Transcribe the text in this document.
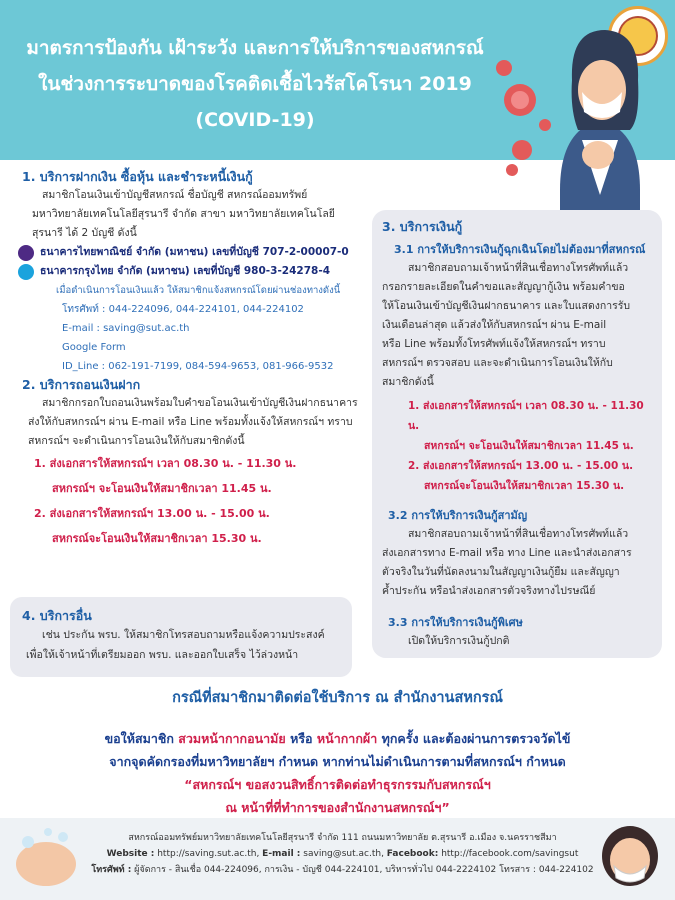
มาตรการป้องกัน เฝ้าระวัง และการให้บริการของสหกรณ์
ในช่วงการระบาดของโรคติดเชื้อไวรัสโคโรนา 2019
(COVID-19)
1. บริการฝากเงิน ซื้อหุ้น และชำระหนี้เงินกู้
สมาชิกโอนเงินเข้าบัญชีสหกรณ์ ชื่อบัญชี สหกรณ์ออมทรัพย์
มหาวิทยาลัยเทคโนโลยีสุรนารี จำกัด สาขา มหาวิทยาลัยเทคโนโลยี
สุรนารี ได้ 2 บัญชี ดังนี้
ธนาคารไทยพาณิชย์ จำกัด (มหาชน) เลขที่บัญชี 707-2-00007-0
ธนาคารกรุงไทย จำกัด (มหาชน) เลขที่บัญชี 980-3-24278-4
เมื่อดำเนินการโอนเงินแล้ว ให้สมาชิกแจ้งสหกรณ์โดยผ่านช่องทางดังนี้
โทรศัพท์ : 044-224096, 044-224101, 044-224102
E-mail : saving@sut.ac.th
Google Form
ID_Line : 062-191-7199, 084-594-9653, 081-966-9532
2. บริการถอนเงินฝาก
สมาชิกกรอกใบถอนเงินพร้อมใบคำขอโอนเงินเข้าบัญชีเงินฝากธนาคาร
ส่งให้กับสหกรณ์ฯ ผ่าน E-mail หรือ Line พร้อมทั้งแจ้งให้สหกรณ์ฯ ทราบ
สหกรณ์ฯ จะดำเนินการโอนเงินให้กับสมาชิกดังนี้
1. ส่งเอกสารให้สหกรณ์ฯ เวลา 08.30 น. - 11.30 น.
สหกรณ์ฯ จะโอนเงินให้สมาชิกเวลา 11.45 น.
2. ส่งเอกสารให้สหกรณ์ฯ 13.00 น. - 15.00 น.
สหกรณ์จะโอนเงินให้สมาชิกเวลา 15.30 น.
4. บริการอื่น
เช่น ประกัน พรบ. ให้สมาชิกโทรสอบถามหรือแจ้งความประสงค์
เพื่อให้เจ้าหน้าที่เตรียมออก พรบ. และออกใบเสร็จ ไว้ล่วงหน้า
3. บริการเงินกู้
3.1 การให้บริการเงินกู้ฉุกเฉินโดยไม่ต้องมาที่สหกรณ์
สมาชิกสอบถามเจ้าหน้าที่สินเชื่อทางโทรศัพท์แล้ว
กรอกรายละเอียดในคำขอและสัญญากู้เงิน พร้อมคำขอ
ให้โอนเงินเข้าบัญชีเงินฝากธนาคาร และใบแสดงการรับ
เงินเดือนล่าสุด แล้วส่งให้กับสหกรณ์ฯ ผ่าน E-mail
หรือ Line พร้อมทั้งโทรศัพท์แจ้งให้สหกรณ์ฯ ทราบ
สหกรณ์ฯ ตรวจสอบ และจะดำเนินการโอนเงินให้กับ
สมาชิกดังนี้
1. ส่งเอกสารให้สหกรณ์ฯ เวลา 08.30 น. - 11.30 น.
สหกรณ์ฯ จะโอนเงินให้สมาชิกเวลา 11.45 น.
2. ส่งเอกสารให้สหกรณ์ฯ 13.00 น. - 15.00 น.
สหกรณ์จะโอนเงินให้สมาชิกเวลา 15.30 น.
3.2 การให้บริการเงินกู้สามัญ
สมาชิกสอบถามเจ้าหน้าที่สินเชื่อทางโทรศัพท์แล้ว
ส่งเอกสารทาง E-mail หรือ ทาง Line และนำส่งเอกสาร
ตัวจริงในวันที่นัดลงนามในสัญญาเงินกู้ยืม และสัญญา
ค้ำประกัน หรือนำส่งเอกสารตัวจริงทางไปรษณีย์
3.3 การให้บริการเงินกู้พิเศษ
เปิดให้บริการเงินกู้ปกติ
กรณีที่สมาชิกมาติดต่อใช้บริการ ณ สำนักงานสหกรณ์
ขอให้สมาชิก สวมหน้ากากอนามัย หรือ หน้ากากผ้า ทุกครั้ง และต้องผ่านการตรวจวัดไข้
จากจุดคัดกรองที่มหาวิทยาลัยฯ กำหนด หากท่านไม่ดำเนินการตามที่สหกรณ์ฯ กำหนด
“สหกรณ์ฯ ขอสงวนสิทธิ์การติดต่อทำธุรกรรมกับสหกรณ์ฯ
ณ หน้าที่ที่ทำการของสำนักงานสหกรณ์ฯ”
สหกรณ์ออมทรัพย์มหาวิทยาลัยเทคโนโลยีสุรนารี จำกัด 111 ถนนมหาวิทยาลัย ต.สุรนารี อ.เมือง จ.นครราชสีมา
Website : http://saving.sut.ac.th, E-mail : saving@sut.ac.th, Facebook: http://facebook.com/savingsut
โทรศัพท์ : ผู้จัดการ - สินเชื่อ 044-224096, การเงิน - บัญชี 044-224101, บริหารทั่วไป 044-2224102 โทรสาร : 044-224102
